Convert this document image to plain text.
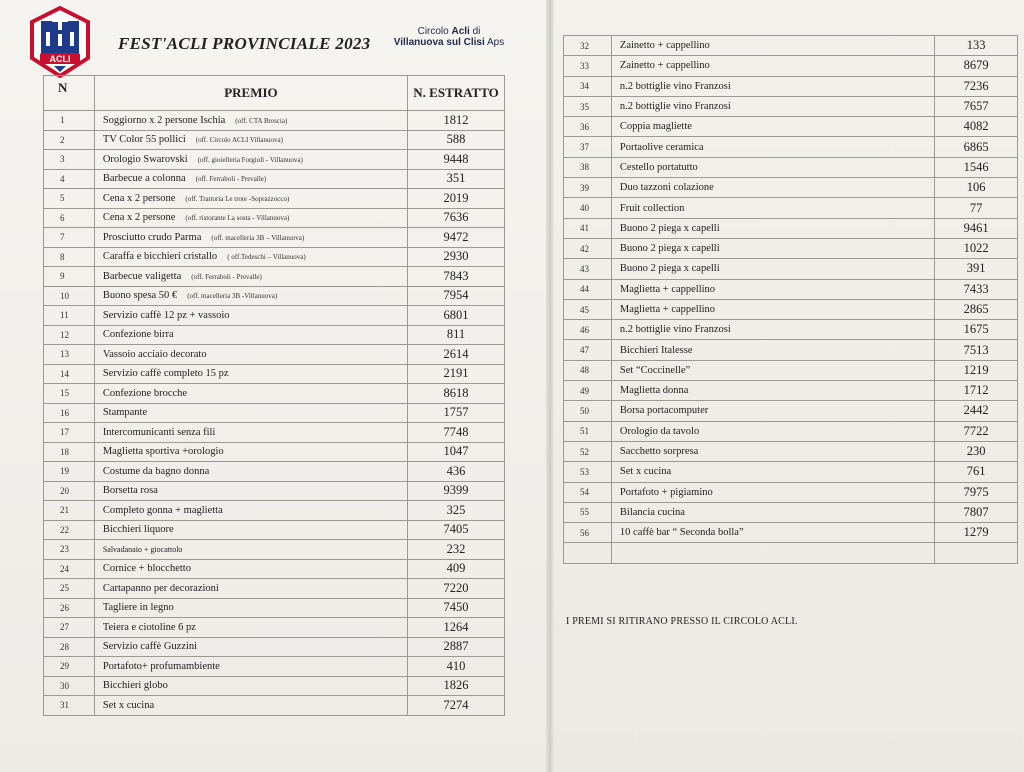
ACLI
FEST'ACLI PROVINCIALE 2023
Circolo Acli di
Villanuova sul Clisi Aps
N	PREMIO	N. ESTRATTO
1	Soggiorno x 2 persone Ischia (off. CTA Brescia)	1812
2	TV Color 55 pollici (off. Circolo ACLI Villanuova)	588
3	Orologio Swarovski (off. gioielleria Forgioli - Villanuova)	9448
4	Barbecue a colonna (off. Ferraboli - Prevalle)	351
5	Cena x 2 persone (off. Trattoria Le trote -Soprazzocco)	2019
6	Cena x 2 persone (off. ristorante La sosta - Villanuova)	7636
7	Prosciutto crudo Parma (off. macelleria 3B – Villanuova)	9472
8	Caraffa e bicchieri cristallo ( off.Tedeschi – Villanuova)	2930
9	Barbecue valigetta (off. Ferraboli - Prevalle)	7843
10	Buono spesa 50 € (off. macelleria 3B -Villanuova)	7954
11	Servizio caffè 12 pz + vassoio	6801
12	Confezione birra	811
13	Vassoio acciaio decorato	2614
14	Servizio caffè completo 15 pz	2191
15	Confezione brocche	8618
16	Stampante	1757
17	Intercomunicanti senza fili	7748
18	Maglietta sportiva +orologio	1047
19	Costume da bagno donna	436
20	Borsetta rosa	9399
21	Completo gonna + maglietta	325
22	Bicchieri liquore	7405
23	Salvadanaio + giocattolo	232
24	Cornice + blocchetto	409
25	Cartapanno per decorazioni	7220
26	Tagliere in legno	7450
27	Teiera e ciotoline 6 pz	1264
28	Servizio caffè Guzzini	2887
29	Portafoto+ profumambiente	410
30	Bicchieri globo	1826
31	Set x cucina	7274
32	Zainetto + cappellino	133
33	Zainetto + cappellino	8679
34	n.2 bottiglie vino Franzosi	7236
35	n.2 bottiglie vino Franzosi	7657
36	Coppia magliette	4082
37	Portaolive ceramica	6865
38	Cestello portatutto	1546
39	Duo tazzoni colazione	106
40	Fruit collection	77
41	Buono 2 piega x capelli	9461
42	Buono 2 piega x capelli	1022
43	Buono 2 piega x capelli	391
44	Maglietta + cappellino	7433
45	Maglietta + cappellino	2865
46	n.2 bottiglie vino Franzosi	1675
47	Bicchieri Italesse	7513
48	Set “Coccinelle”	1219
49	Maglietta donna	1712
50	Borsa portacomputer	2442
51	Orologio da tavolo	7722
52	Sacchetto sorpresa	230
53	Set x cucina	761
54	Portafoto + pigiamino	7975
55	Bilancia cucina	7807
56	10 caffè bar “ Seconda bolla”	1279

I PREMI SI RITIRANO PRESSO IL CIRCOLO ACLI.
